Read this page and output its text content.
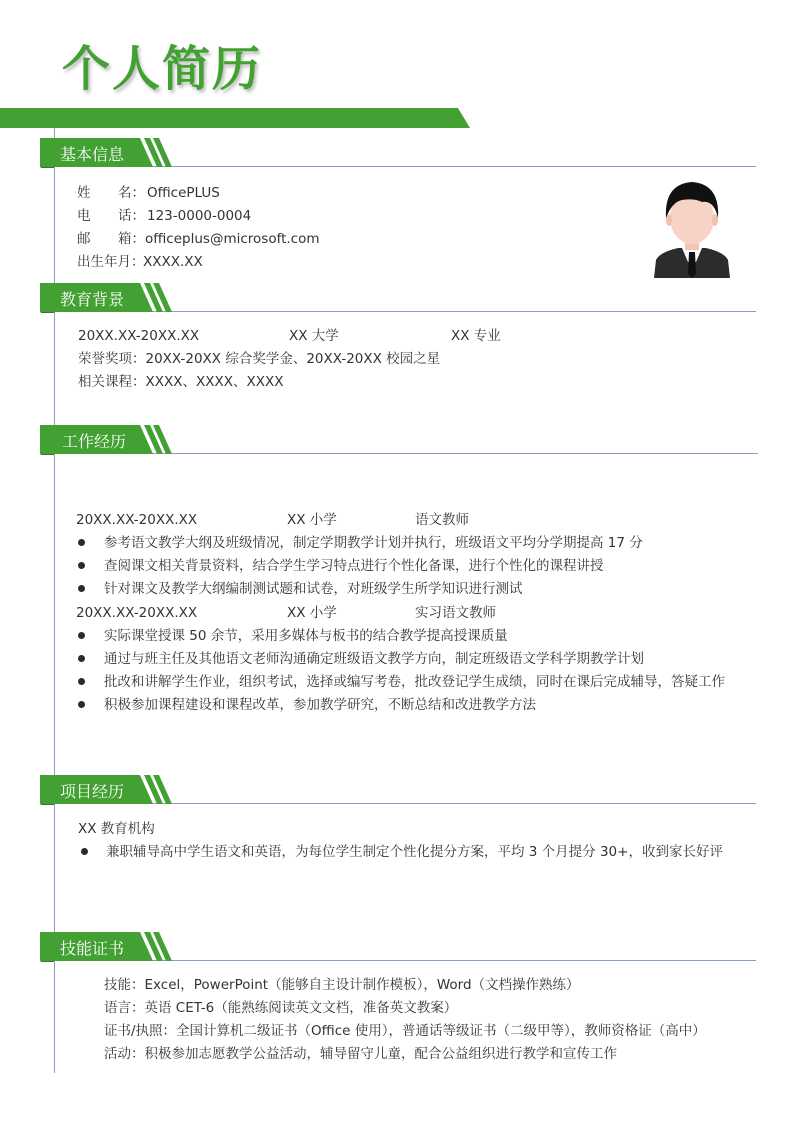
个人简历
基本信息
姓 名： OfficePLUS
电 话： 123-0000-0004
邮 箱： officeplus@microsoft.com
出生年月：
XXXX.XX
教育背景
20XX.XX-20XX.XX	XX 大学	XX 专业
荣誉奖项：20XX-20XX 综合奖学金、20XX-20XX 校园之星
相关课程：XXXX、XXXX、XXXX
工作经历
20XX.XX-20XX.XX	XX 小学	语文教师
参考语文教学大纲及班级情况，制定学期教学计划并执行，班级语文平均分学期提高 17 分
查阅课文相关背景资料，结合学生学习特点进行个性化备课，进行个性化的课程讲授
针对课文及教学大纲编制测试题和试卷，对班级学生所学知识进行测试
20XX.XX-20XX.XX	XX 小学	实习语文教师
实际课堂授课 50 余节，采用多媒体与板书的结合教学提高授课质量
通过与班主任及其他语文老师沟通确定班级语文教学方向，制定班级语文学科学期教学计划
批改和讲解学生作业，组织考试，选择或编写考卷，批改登记学生成绩，同时在课后完成辅导，答疑工作
积极参加课程建设和课程改革，参加教学研究，不断总结和改进教学方法
项目经历
XX 教育机构
兼职辅导高中学生语文和英语，为每位学生制定个性化提分方案，平均 3 个月提分 30+，收到家长好评
技能证书
技能：Excel，PowerPoint（能够自主设计制作模板），Word（文档操作熟练）
语言：英语 CET-6（能熟练阅读英文文档，准备英文教案）
证书/执照：全国计算机二级证书（Office 使用），普通话等级证书（二级甲等），教师资格证（高中）
活动：积极参加志愿教学公益活动，辅导留守儿童，配合公益组织进行教学和宣传工作
